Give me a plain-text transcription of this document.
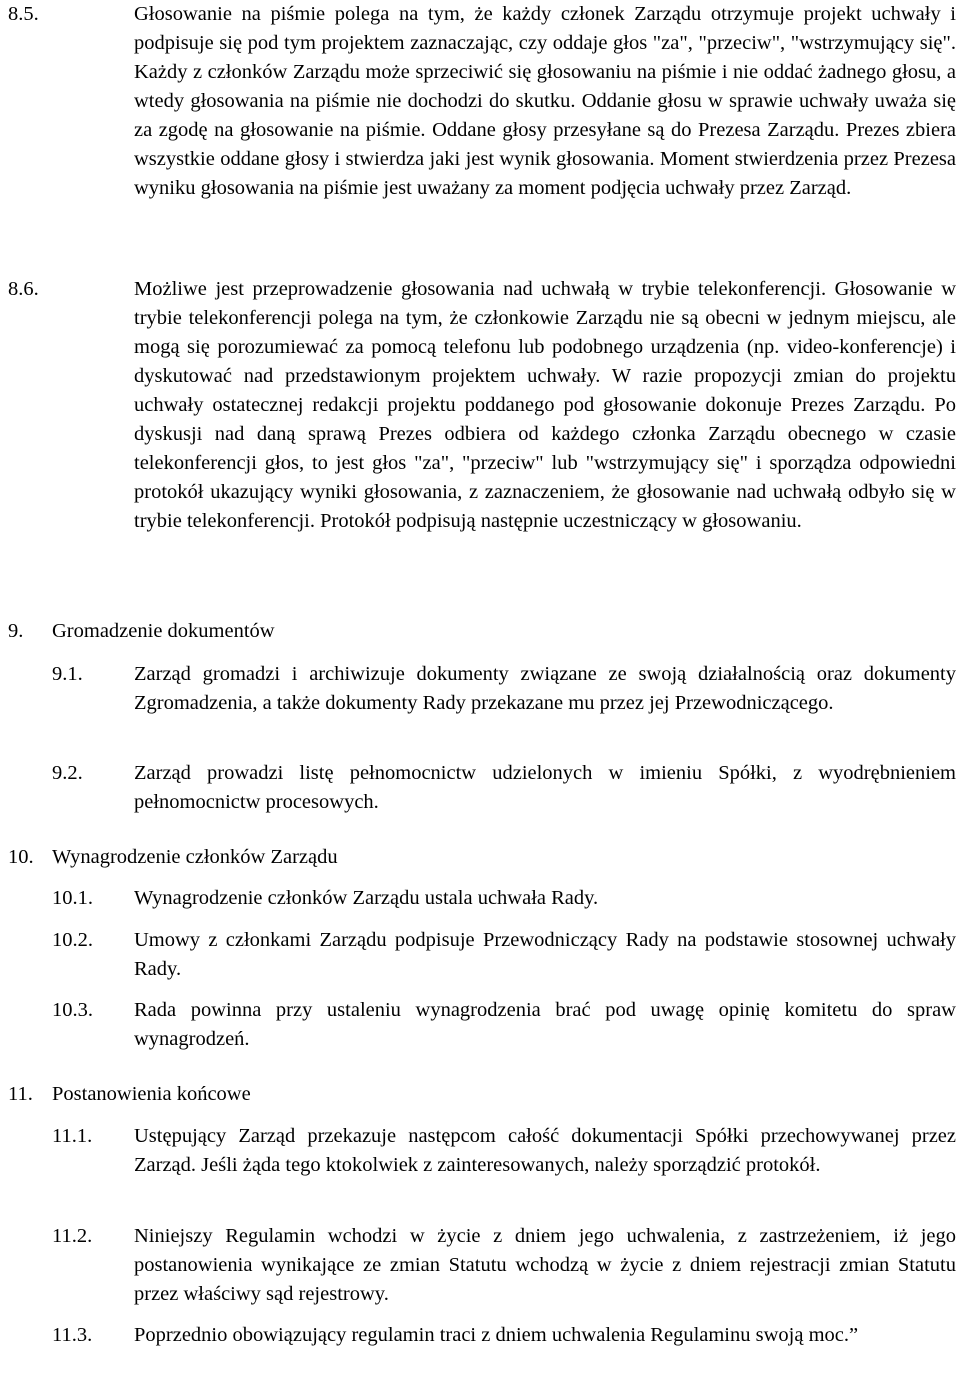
8.5.	Głosowanie na piśmie polega na tym, że każdy członek Zarządu otrzymuje projekt uchwały i podpisuje się pod tym projektem zaznaczając, czy oddaje głos "za", "przeciw", "wstrzymujący się". Każdy z członków Zarządu może sprzeciwić się głosowaniu na piśmie i nie oddać żadnego głosu, a wtedy głosowania na piśmie nie dochodzi do skutku. Oddanie głosu w sprawie uchwały uważa się za zgodę na głosowanie na piśmie. Oddane głosy przesyłane są do Prezesa Zarządu. Prezes zbiera wszystkie oddane głosy i stwierdza jaki jest wynik głosowania. Moment stwierdzenia przez Prezesa wyniku głosowania na piśmie jest uważany za moment podjęcia uchwały przez Zarząd.
8.6.	Możliwe jest przeprowadzenie głosowania nad uchwałą w trybie telekonferencji. Głosowanie w trybie telekonferencji polega na tym, że członkowie Zarządu nie są obecni w jednym miejscu, ale mogą się porozumiewać za pomocą telefonu lub podobnego urządzenia (np. video-konferencje) i dyskutować nad przedstawionym projektem uchwały. W razie propozycji zmian do projektu uchwały ostatecznej redakcji projektu poddanego pod głosowanie dokonuje Prezes Zarządu. Po dyskusji nad daną sprawą Prezes odbiera od każdego członka Zarządu obecnego w czasie telekonferencji głos, to jest głos "za", "przeciw" lub "wstrzymujący się" i sporządza odpowiedni protokół ukazujący wyniki głosowania, z zaznaczeniem, że głosowanie nad uchwałą odbyło się w trybie telekonferencji. Protokół podpisują następnie uczestniczący w głosowaniu.
9. Gromadzenie dokumentów
9.1.	Zarząd gromadzi i archiwizuje dokumenty związane ze swoją działalnością oraz dokumenty Zgromadzenia, a także dokumenty Rady przekazane mu przez jej Przewodniczącego.
9.2.	Zarząd prowadzi listę pełnomocnictw udzielonych w imieniu Spółki, z wyodrębnieniem pełnomocnictw procesowych.
10. Wynagrodzenie członków Zarządu
10.1. Wynagrodzenie członków Zarządu ustala uchwała Rady.
10.2. Umowy z członkami Zarządu podpisuje Przewodniczący Rady na podstawie stosownej uchwały Rady.
10.3. Rada powinna przy ustaleniu wynagrodzenia brać pod uwagę opinię komitetu do spraw wynagrodzeń.
11. Postanowienia końcowe
11.1. Ustępujący Zarząd przekazuje następcom całość dokumentacji Spółki przechowywanej przez Zarząd. Jeśli żąda tego ktokolwiek z zainteresowanych, należy sporządzić protokół.
11.2. Niniejszy Regulamin wchodzi w życie z dniem jego uchwalenia, z zastrzeżeniem, iż jego postanowienia wynikające ze zmian Statutu wchodzą w życie z dniem rejestracji zmian Statutu przez właściwy sąd rejestrowy.
11.3. Poprzednio obowiązujący regulamin traci z dniem uchwalenia Regulaminu swoją moc.”
